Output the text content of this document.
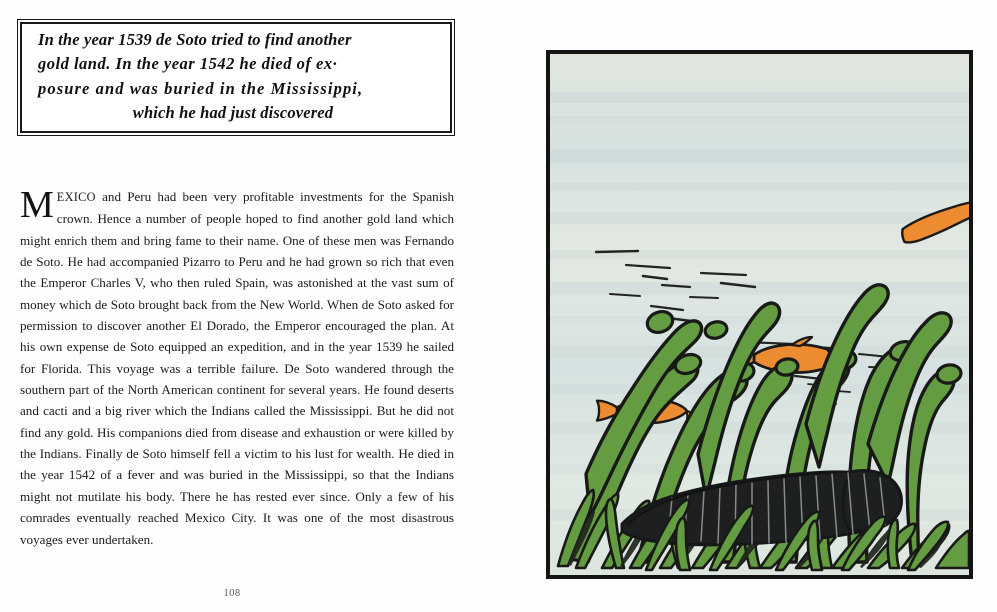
In the year 1539 de Soto tried to find another
gold land. In the year 1542 he died of ex·
posure and was buried in the Mississippi,
which he had just discovered

MEXICO and Peru had been very profitable investments for the Spanish crown. Hence a number of people hoped to find another gold land which might enrich them and bring fame to their name. One of these men was Fernando de Soto. He had accompanied Pizarro to Peru and he had grown so rich that even the Emperor Charles V, who then ruled Spain, was astonished at the vast sum of money which de Soto brought back from the New World. When de Soto asked for permission to discover another El Dorado, the Emperor encouraged the plan. At his own expense de Soto equipped an expedition, and in the year 1539 he sailed for Florida. This voyage was a terrible failure. De Soto wandered through the southern part of the North American continent for several years. He found deserts and cacti and a big river which the Indians called the Mississippi. But he did not find any gold. His companions died from disease and exhaustion or were killed by the Indians. Finally de Soto himself fell a victim to his lust for wealth. He died in the year 1542 of a fever and was buried in the Mississippi, so that the Indians might not mutilate his body. There he has rested ever since. Only a few of his comrades eventually reached Mexico City. It was one of the most disastrous voyages ever undertaken.

108
